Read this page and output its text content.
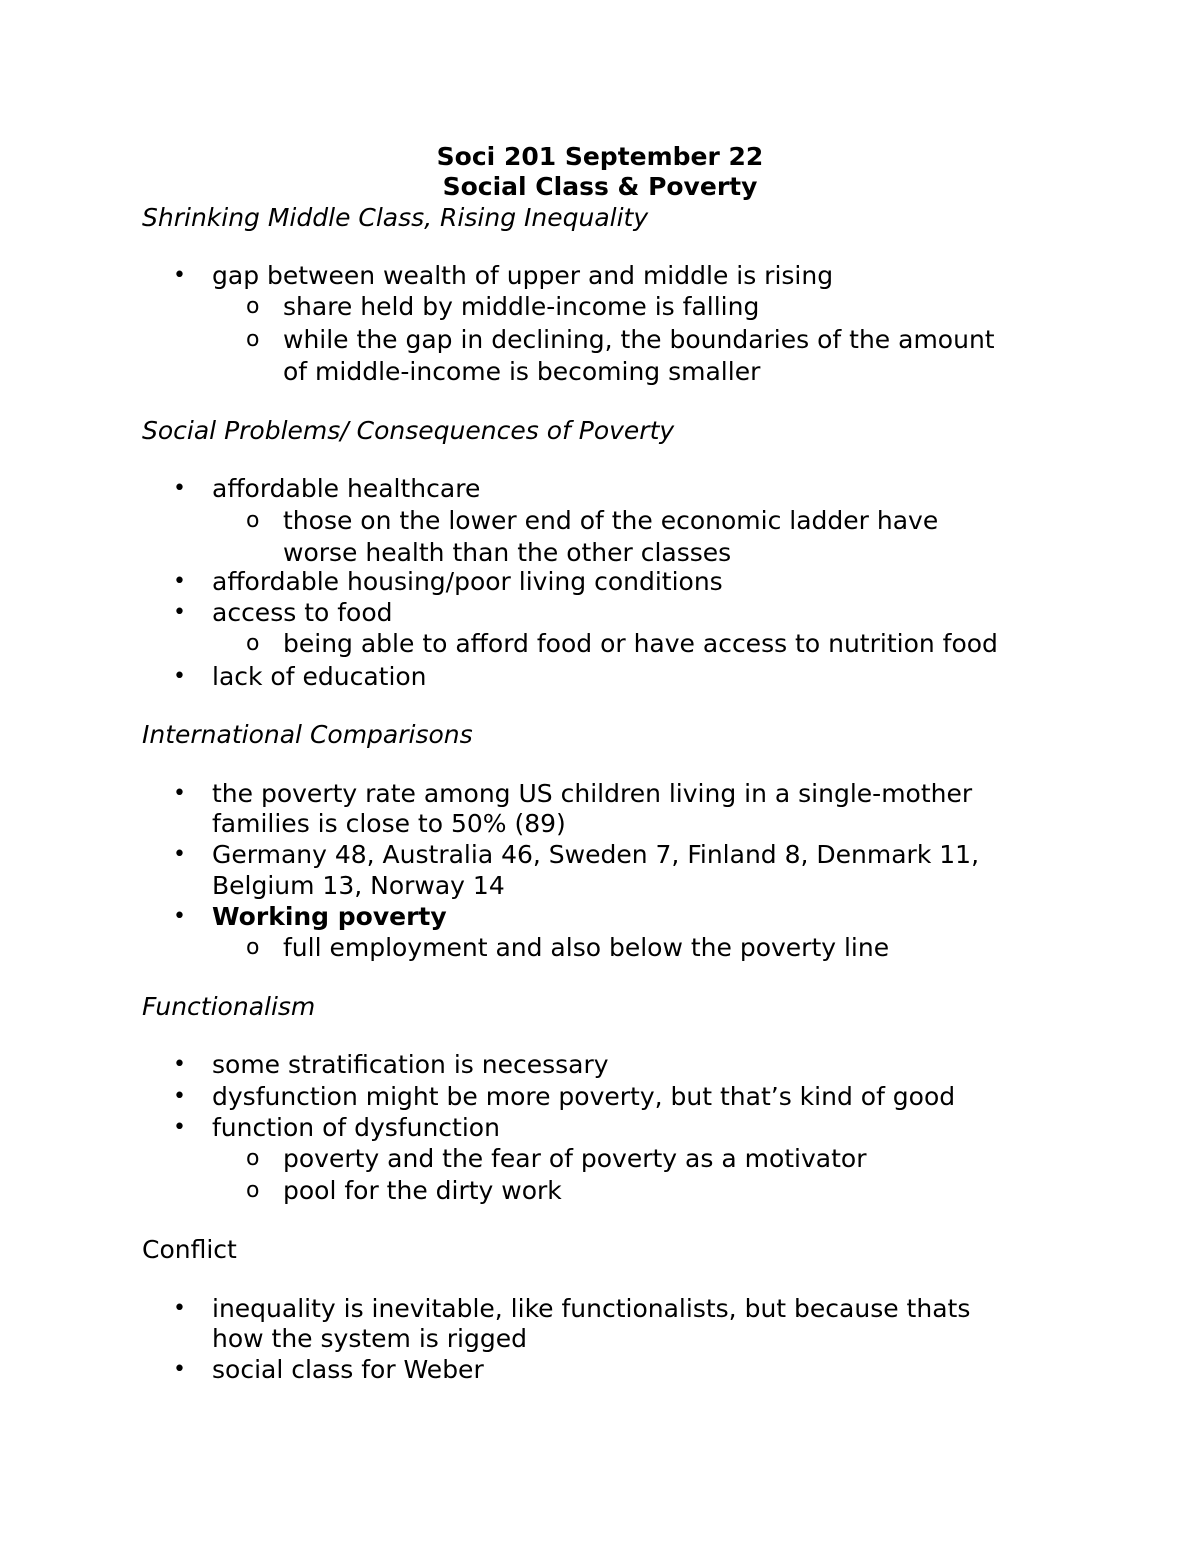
Soci 201 September 22
Social Class & Poverty
Shrinking Middle Class, Rising Inequality
• gap between wealth of upper and middle is rising
o share held by middle-income is falling
o while the gap in declining, the boundaries of the amount
of middle-income is becoming smaller
Social Problems/ Consequences of Poverty
• affordable healthcare
o those on the lower end of the economic ladder have
worse health than the other classes
• affordable housing/poor living conditions
• access to food
o being able to afford food or have access to nutrition food
• lack of education
International Comparisons
• the poverty rate among US children living in a single-mother
families is close to 50% (89)
• Germany 48, Australia 46, Sweden 7, Finland 8, Denmark 11,
Belgium 13, Norway 14
• Working poverty
o full employment and also below the poverty line
Functionalism
• some stratification is necessary
• dysfunction might be more poverty, but that’s kind of good
• function of dysfunction
o poverty and the fear of poverty as a motivator
o pool for the dirty work
Conflict
• inequality is inevitable, like functionalists, but because thats
how the system is rigged
• social class for Weber
